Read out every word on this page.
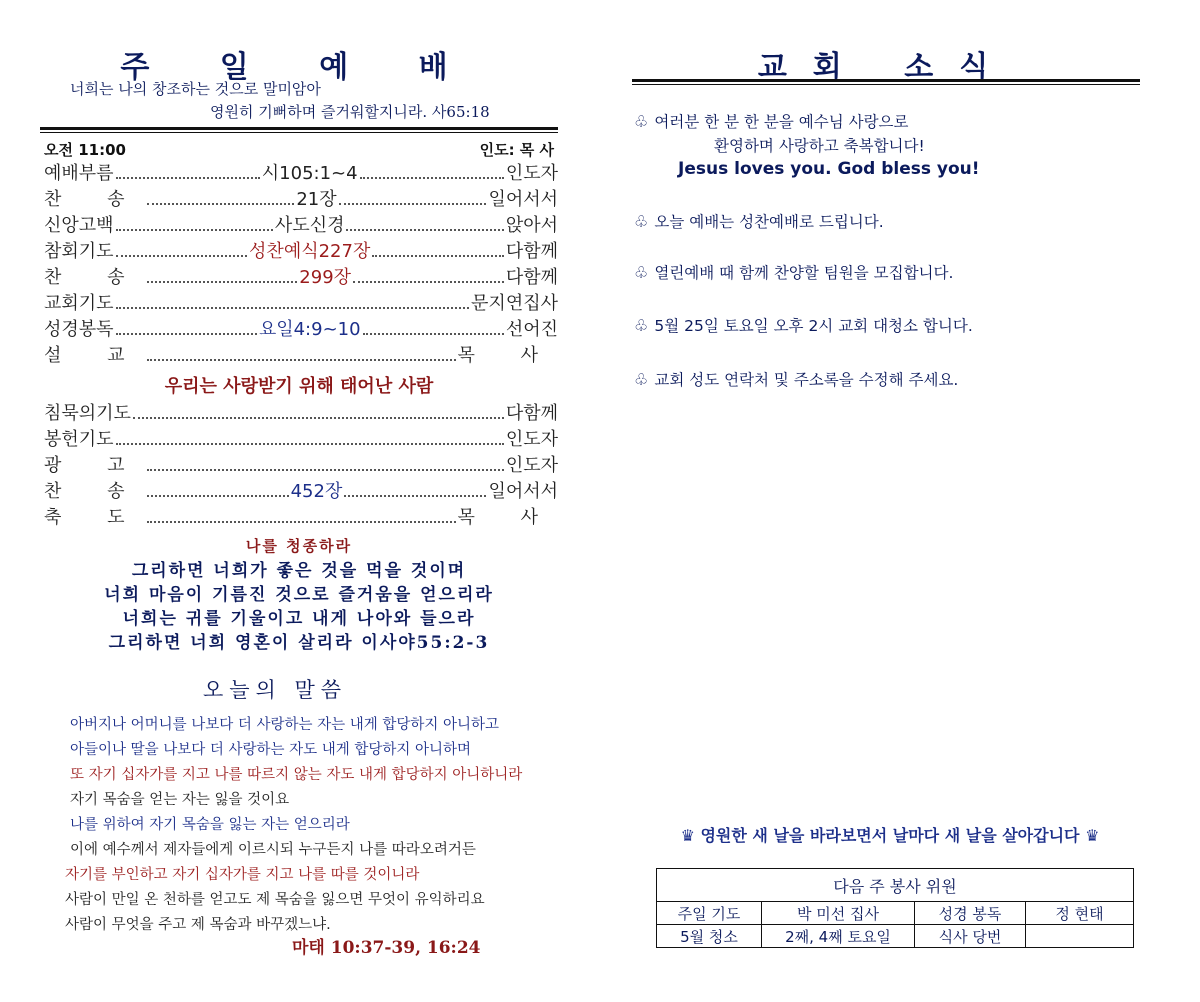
주 일 예 배
너희는 나의 창조하는 것으로 말미암아
영원히 기뻐하며 즐거워할지니라. 사65:18
오전 11:00	인도: 목 사
예배부름	시105:1~4	인도자
찬 송	21장	일어서서
신앙고백	사도신경	앉아서
참회기도	성찬예식227장	다함께
찬 송	299장	다함께
교회기도	문지연집사
성경봉독	요일4:9~10	선어진
설 교	목 사
우리는 사랑받기 위해 태어난 사람
침묵의기도	다함께
봉헌기도	인도자
광 고	인도자
찬 송	452장	일어서서
축 도	목 사
나를 청종하라
그리하면 너희가 좋은 것을 먹을 것이며
너희 마음이 기름진 것으로 즐거움을 얻으리라
너희는 귀를 기울이고 내게 나아와 들으라
그리하면 너희 영혼이 살리라 이사야55:2-3
오늘의 말씀
아버지나 어머니를 나보다 더 사랑하는 자는 내게 합당하지 아니하고
아들이나 딸을 나보다 더 사랑하는 자도 내게 합당하지 아니하며
또 자기 십자가를 지고 나를 따르지 않는 자도 내게 합당하지 아니하니라
자기 목숨을 얻는 자는 잃을 것이요
나를 위하여 자기 목숨을 잃는 자는 얻으리라
이에 예수께서 제자들에게 이르시되 누구든지 나를 따라오려거든
자기를 부인하고 자기 십자가를 지고 나를 따를 것이니라
사람이 만일 온 천하를 얻고도 제 목숨을 잃으면 무엇이 유익하리요
사람이 무엇을 주고 제 목숨과 바꾸겠느냐.
마태 10:37-39, 16:24
교회 소식
♧ 여러분 한 분 한 분을 예수님 사랑으로
환영하며 사랑하고 축복합니다!
Jesus loves you. God bless you!
♧ 오늘 예배는 성찬예배로 드립니다.
♧ 열린예배 때 함께 찬양할 팀원을 모집합니다.
♧ 5월 25일 토요일 오후 2시 교회 대청소 합니다.
♧ 교회 성도 연락처 및 주소록을 수정해 주세요.
♛ 영원한 새 날을 바라보면서 날마다 새 날을 살아갑니다 ♛
다음 주 봉사 위원			
주일 기도	박 미선 집사	성경 봉독	정 현태
5월 청소	2째, 4째 토요일	식사 당번	
